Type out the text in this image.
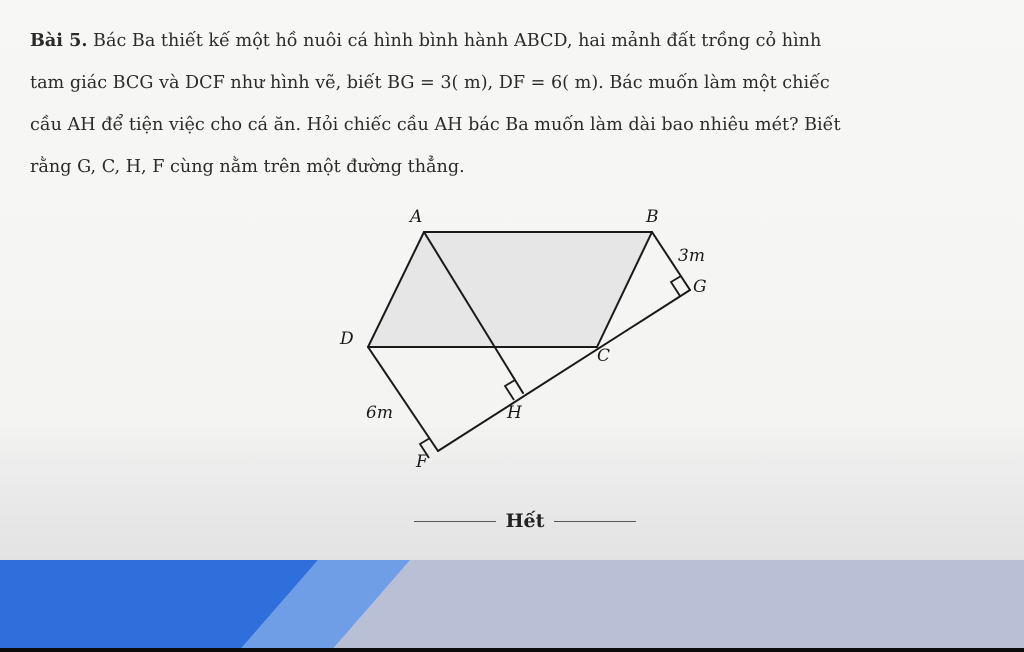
Bài 5. Bác Ba thiết kế một hồ nuôi cá hình bình hành ABCD, hai mảnh đất trồng cỏ hình
tam giác BCG và DCF như hình vẽ, biết BG = 3( m), DF = 6( m). Bác muốn làm một chiếc
cầu AH để tiện việc cho cá ăn. Hỏi chiếc cầu AH bác Ba muốn làm dài bao nhiêu mét? Biết
rằng G, C, H, F cùng nằm trên một đường thẳng.
A	B
C
D
G
H
F
3m
6m
Hết
